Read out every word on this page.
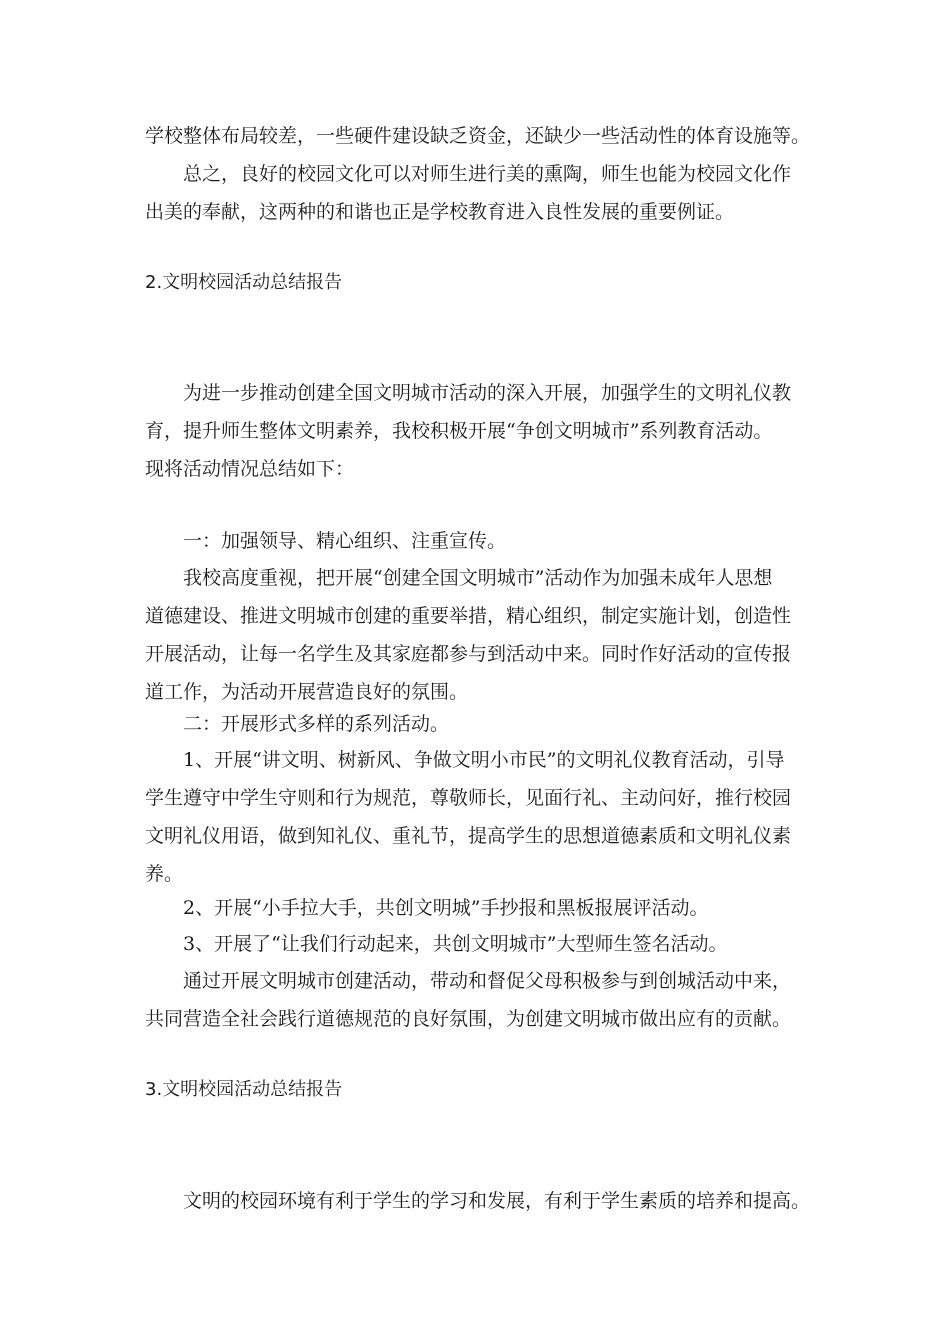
学校整体布局较差，一些硬件建设缺乏资金，还缺少一些活动性的体育设施等。
总之，良好的校园文化可以对师生进行美的熏陶，师生也能为校园文化作
出美的奉献，这两种的和谐也正是学校教育进入良性发展的重要例证。
2.文明校园活动总结报告
为进一步推动创建全国文明城市活动的深入开展，加强学生的文明礼仪教
育，提升师生整体文明素养，我校积极开展“争创文明城市”系列教育活动。
现将活动情况总结如下：
一：加强领导、精心组织、注重宣传。
我校高度重视，把开展“创建全国文明城市”活动作为加强未成年人思想
道德建设、推进文明城市创建的重要举措，精心组织，制定实施计划，创造性
开展活动，让每一名学生及其家庭都参与到活动中来。同时作好活动的宣传报
道工作，为活动开展营造良好的氛围。
二：开展形式多样的系列活动。
1、开展“讲文明、树新风、争做文明小市民”的文明礼仪教育活动，引导
学生遵守中学生守则和行为规范，尊敬师长，见面行礼、主动问好，推行校园
文明礼仪用语，做到知礼仪、重礼节，提高学生的思想道德素质和文明礼仪素
养。
2、开展“小手拉大手，共创文明城”手抄报和黑板报展评活动。
3、开展了“让我们行动起来，共创文明城市”大型师生签名活动。
通过开展文明城市创建活动，带动和督促父母积极参与到创城活动中来，
共同营造全社会践行道德规范的良好氛围，为创建文明城市做出应有的贡献。
3.文明校园活动总结报告
文明的校园环境有利于学生的学习和发展，有利于学生素质的培养和提高。
